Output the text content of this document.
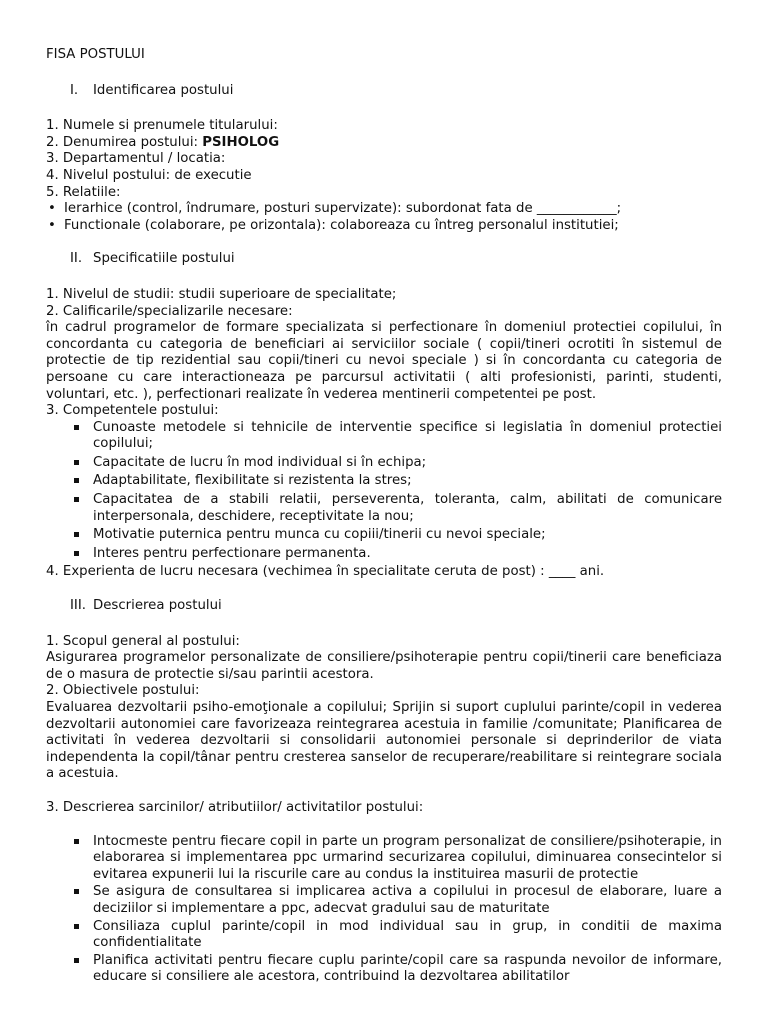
FISA POSTULUI

I.	Identificarea postului

1. Numele si prenumele titularului:

2. Denumirea postului: PSIHOLOG

3. Departamentul / locatia:

4. Nivelul postului: de executie

5. Relatiile:

• Ierarhice (control, îndrumare, posturi supervizate): subordonat fata de ____________;
• Functionale (colaborare, pe orizontala): colaboreaza cu întreg personalul institutiei;
II. Specificatiile postului

1. Nivelul de studii: studii superioare de specialitate;

2. Calificarile/specializarile necesare:

în cadrul programelor de formare specializata si perfectionare în domeniul protectiei copilului, în concordanta cu categoria de beneficiari ai serviciilor sociale ( copii/tineri ocrotiti în sistemul de protectie de tip rezidential sau copii/tineri cu nevoi speciale ) si în concordanta cu categoria de persoane cu care interactioneaza pe parcursul activitatii ( alti profesionisti, parinti, studenti, voluntari, etc. ), perfectionari realizate în vederea mentinerii competentei pe post.

3. Competentele postului:

Cunoaste metodele si tehnicile de interventie specifice si legislatia în domeniul protectiei copilului;
Capacitate de lucru în mod individual si în echipa;
Adaptabilitate, flexibilitate si rezistenta la stres;
Capacitatea de a stabili relatii, perseverenta, toleranta, calm, abilitati de comunicare interpersonala, deschidere, receptivitate la nou;
Motivatie puternica pentru munca cu copiii/tinerii cu nevoi speciale;
Interes pentru perfectionare permanenta.

4. Experienta de lucru necesara (vechimea în specialitate ceruta de post) : ____ ani.

III. Descrierea postului

1. Scopul general al postului:

Asigurarea programelor personalizate de consiliere/psihoterapie pentru copii/tinerii care beneficiaza de o masura de protectie si/sau parintii acestora.

2. Obiectivele postului:

Evaluarea dezvoltarii psiho-emoţionale a copilului; Sprijin si suport cuplului parinte/copil in vederea dezvoltarii autonomiei care favorizeaza reintegrarea acestuia in familie /comunitate; Planificarea de activitati în vederea dezvoltarii si consolidarii autonomiei personale si deprinderilor de viata independenta la copil/tânar pentru cresterea sanselor de recuperare/reabilitare si reintegrare sociala a acestuia.

3. Descrierea sarcinilor/ atributiilor/ activitatilor postului:

Intocmeste pentru fiecare copil in parte un program personalizat de consiliere/psihoterapie, in elaborarea si implementarea ppc urmarind securizarea copilului, diminuarea consecintelor si evitarea expunerii lui la riscurile care au condus la instituirea masurii de protectie
Se asigura de consultarea si implicarea activa a copilului in procesul de elaborare, luare a deciziilor si implementare a ppc, adecvat gradului sau de maturitate
Consiliaza cuplul parinte/copil in mod individual sau in grup, in conditii de maxima confidentialitate
Planifica activitati pentru fiecare cuplu parinte/copil care sa raspunda nevoilor de informare, educare si consiliere ale acestora, contribuind la dezvoltarea abilitatilor
